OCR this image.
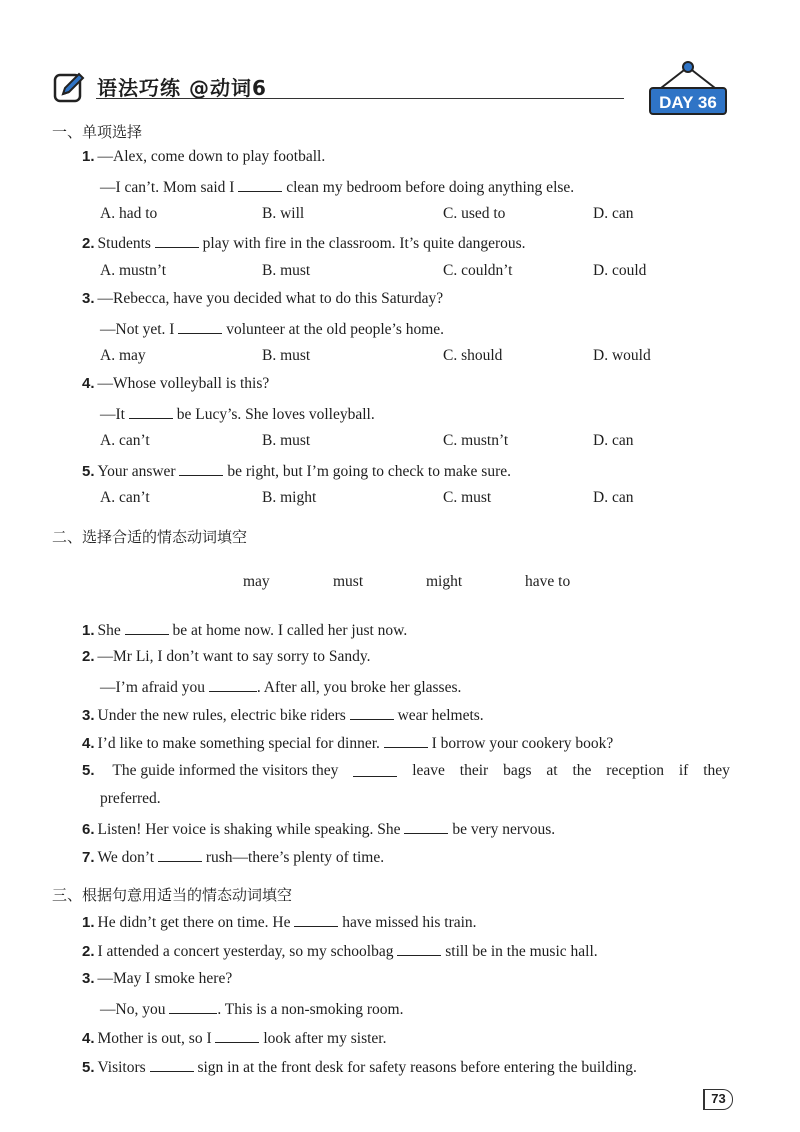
语法巧练 @动词6
DAY 36
一、单项选择
1. —Alex, come down to play football.
—I can’t. Mom said I	clean my bedroom before doing anything else.
A. had to	B. will	C. used to	D. can
2. Students	play with fire in the classroom. It’s quite dangerous.
A. mustn’t	B. must	C. couldn’t	D. could
3. —Rebecca, have you decided what to do this Saturday?
—Not yet. I	volunteer at the old people’s home.
A. may	B. must	C. should	D. would
4. —Whose volleyball is this?
—It	be Lucy’s. She loves volleyball.
A. can’t	B. must	C. mustn’t	D. can
5. Your answer	be right, but I’m going to check to make sure.
A. can’t	B. might	C. must	D. can
二、选择合适的情态动词填空
may	must	might	have to
1. She	be at home now. I called her just now.
2. —Mr Li, I don’t want to say sorry to Sandy.
—I’m afraid you	. After all, you broke her glasses.
3. Under the new rules, electric bike riders	wear helmets.
4. I’d like to make something special for dinner.	I borrow your cookery book?
5. The guide informed the visitors they	leave their bags at the reception if they
preferred.
6. Listen! Her voice is shaking while speaking. She	be very nervous.
7. We don’t	rush—there’s plenty of time.
三、根据句意用适当的情态动词填空
1. He didn’t get there on time. He	have missed his train.
2. I attended a concert yesterday, so my schoolbag	still be in the music hall.
3. —May I smoke here?
—No, you	. This is a non-smoking room.
4. Mother is out, so I	look after my sister.
5. Visitors	sign in at the front desk for safety reasons before entering the building.
73
